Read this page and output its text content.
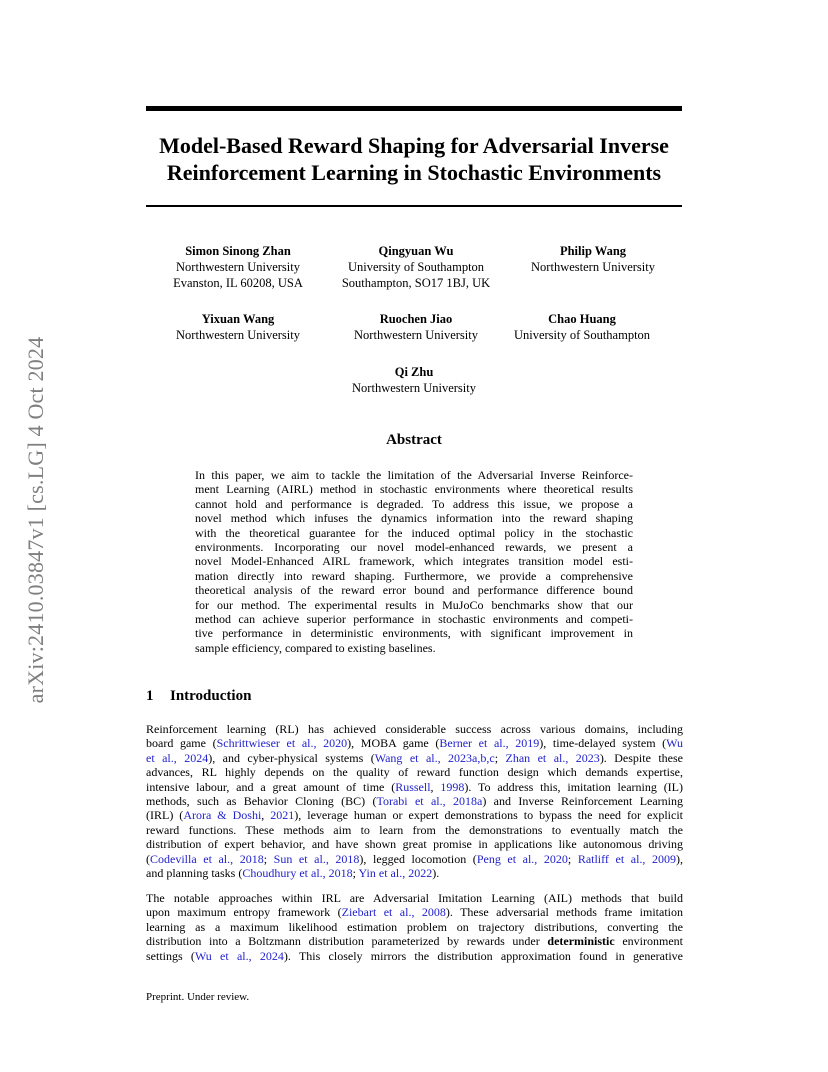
arXiv:2410.03847v1 [cs.LG] 4 Oct 2024
Model-Based Reward Shaping for Adversarial Inverse
Reinforcement Learning in Stochastic Environments
Simon Sinong Zhan
Northwestern University
Evanston, IL 60208, USA
Qingyuan Wu
University of Southampton
Southampton, SO17 1BJ, UK
Philip Wang
Northwestern University
Yixuan Wang
Northwestern University
Ruochen Jiao
Northwestern University
Chao Huang
University of Southampton
Qi Zhu
Northwestern University
Abstract
In this paper, we aim to tackle the limitation of the Adversarial Inverse Reinforce-
ment Learning (AIRL) method in stochastic environments where theoretical results
cannot hold and performance is degraded. To address this issue, we propose a
novel method which infuses the dynamics information into the reward shaping
with the theoretical guarantee for the induced optimal policy in the stochastic
environments. Incorporating our novel model-enhanced rewards, we present a
novel Model-Enhanced AIRL framework, which integrates transition model esti-
mation directly into reward shaping. Furthermore, we provide a comprehensive
theoretical analysis of the reward error bound and performance difference bound
for our method. The experimental results in MuJoCo benchmarks show that our
method can achieve superior performance in stochastic environments and competi-
tive performance in deterministic environments, with significant improvement in
sample efficiency, compared to existing baselines.
1 Introduction
Reinforcement learning (RL) has achieved considerable success across various domains, including
board game (Schrittwieser et al., 2020), MOBA game (Berner et al., 2019), time-delayed system (Wu
et al., 2024), and cyber-physical systems (Wang et al., 2023a,b,c; Zhan et al., 2023). Despite these
advances, RL highly depends on the quality of reward function design which demands expertise,
intensive labour, and a great amount of time (Russell, 1998). To address this, imitation learning (IL)
methods, such as Behavior Cloning (BC) (Torabi et al., 2018a) and Inverse Reinforcement Learning
(IRL) (Arora & Doshi, 2021), leverage human or expert demonstrations to bypass the need for explicit
reward functions. These methods aim to learn from the demonstrations to eventually match the
distribution of expert behavior, and have shown great promise in applications like autonomous driving
(Codevilla et al., 2018; Sun et al., 2018), legged locomotion (Peng et al., 2020; Ratliff et al., 2009),
and planning tasks (Choudhury et al., 2018; Yin et al., 2022).
The notable approaches within IRL are Adversarial Imitation Learning (AIL) methods that build
upon maximum entropy framework (Ziebart et al., 2008). These adversarial methods frame imitation
learning as a maximum likelihood estimation problem on trajectory distributions, converting the
distribution into a Boltzmann distribution parameterized by rewards under deterministic environment
settings (Wu et al., 2024). This closely mirrors the distribution approximation found in generative
Preprint. Under review.
